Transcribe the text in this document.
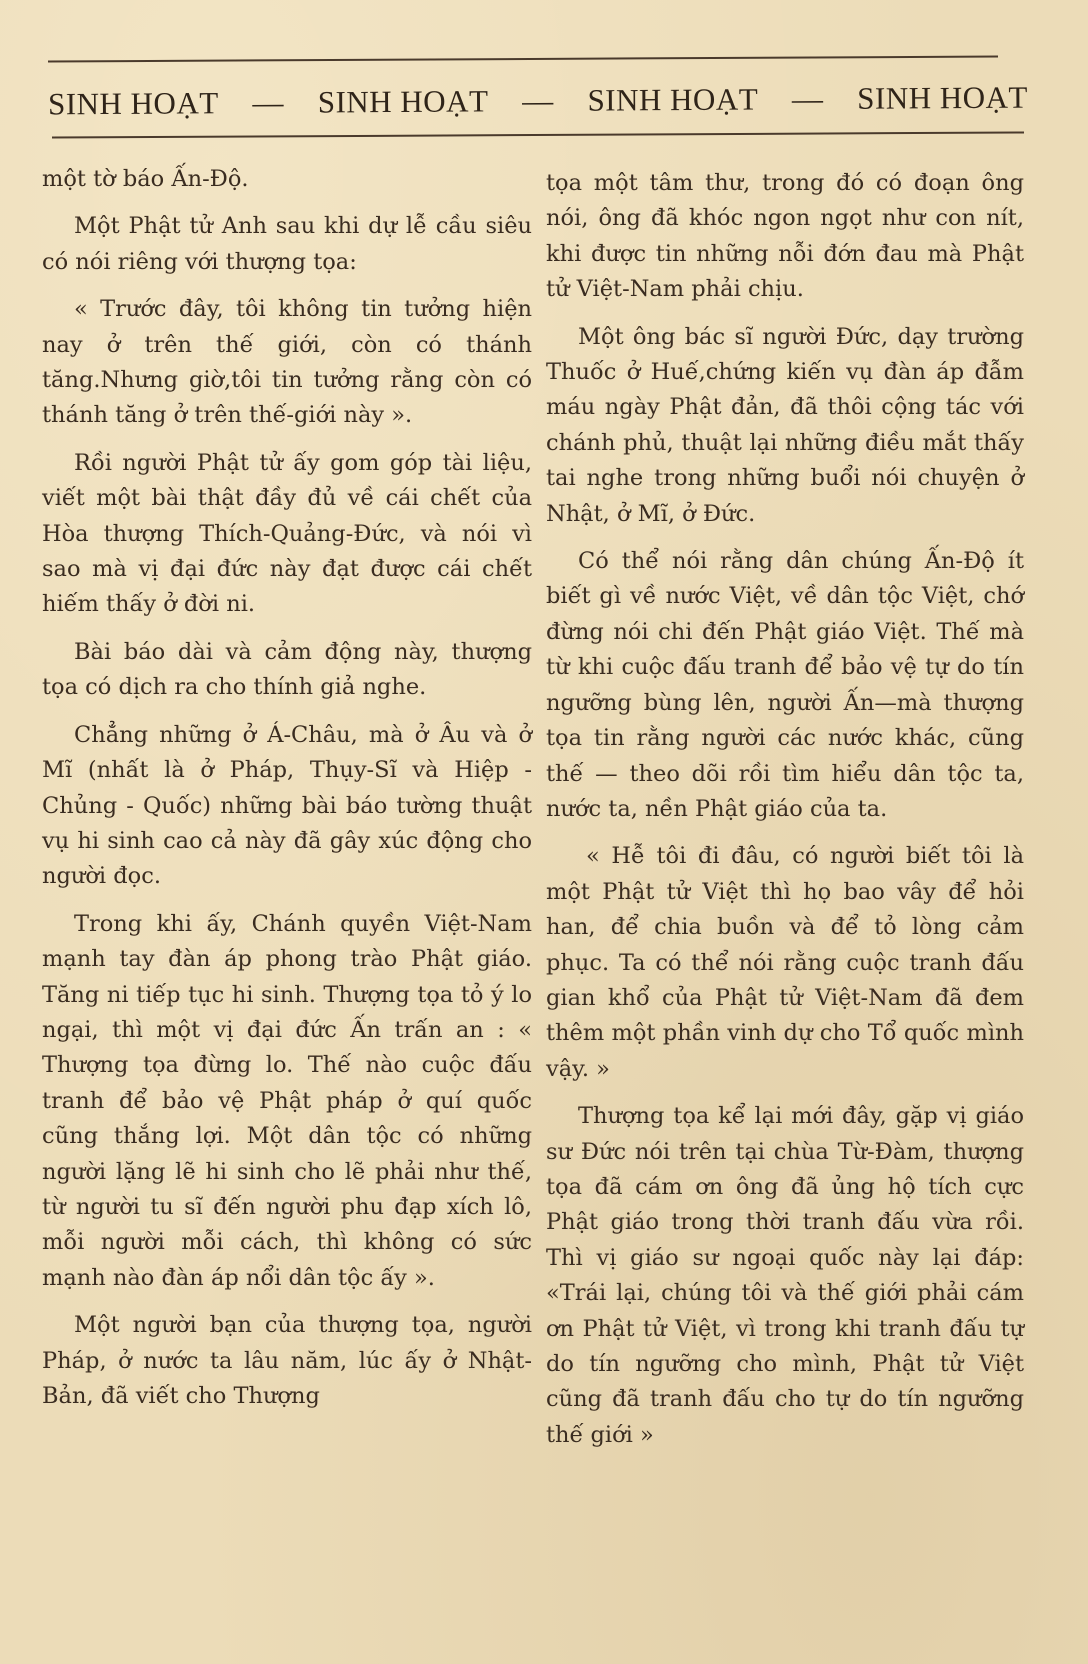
SINH HOẠT — SINH HOẠT — SINH HOẠT — SINH HOẠT

một tờ báo Ấn-Độ.

Một Phật tử Anh sau khi dự lễ cầu siêu có nói riêng với thượng tọa:

« Trước đây, tôi không tin tưởng hiện nay ở trên thế giới, còn có thánh tăng.Nhưng giờ,tôi tin tưởng rằng còn có thánh tăng ở trên thế-giới này ».

Rồi người Phật tử ấy gom góp tài liệu, viết một bài thật đầy đủ về cái chết của Hòa thượng Thích-Quảng-Đức, và nói vì sao mà vị đại đức này đạt được cái chết hiếm thấy ở đời ni.

Bài báo dài và cảm động này, thượng tọa có dịch ra cho thính giả nghe.

Chẳng những ở Á-Châu, mà ở Âu và ở Mĩ (nhất là ở Pháp, Thụy-Sĩ và Hiệp - Chủng - Quốc) những bài báo tường thuật vụ hi sinh cao cả này đã gây xúc động cho người đọc.

Trong khi ấy, Chánh quyền Việt-Nam mạnh tay đàn áp phong trào Phật giáo. Tăng ni tiếp tục hi sinh. Thượng tọa tỏ ý lo ngại, thì một vị đại đức Ấn trấn an : « Thượng tọa đừng lo. Thế nào cuộc đấu tranh để bảo vệ Phật pháp ở quí quốc cũng thắng lợi. Một dân tộc có những người lặng lẽ hi sinh cho lẽ phải như thế, từ người tu sĩ đến người phu đạp xích lô, mỗi người mỗi cách, thì không có sức mạnh nào đàn áp nổi dân tộc ấy ».

Một người bạn của thượng tọa, người Pháp, ở nước ta lâu năm, lúc ấy ở Nhật-Bản, đã viết cho Thượng

tọa một tâm thư, trong đó có đoạn ông nói, ông đã khóc ngon ngọt như con nít, khi được tin những nỗi đớn đau mà Phật tử Việt-Nam phải chịu.

Một ông bác sĩ người Đức, dạy trường Thuốc ở Huế,chứng kiến vụ đàn áp đẫm máu ngày Phật đản, đã thôi cộng tác với chánh phủ, thuật lại những điều mắt thấy tai nghe trong những buổi nói chuyện ở Nhật, ở Mĩ, ở Đức.

Có thể nói rằng dân chúng Ấn-Độ ít biết gì về nước Việt, về dân tộc Việt, chớ đừng nói chi đến Phật giáo Việt. Thế mà từ khi cuộc đấu tranh để bảo vệ tự do tín ngưỡng bùng lên, người Ấn—mà thượng tọa tin rằng người các nước khác, cũng thế — theo dõi rồi tìm hiểu dân tộc ta, nước ta, nền Phật giáo của ta.

« Hễ tôi đi đâu, có người biết tôi là một Phật tử Việt thì họ bao vây để hỏi han, để chia buồn và để tỏ lòng cảm phục. Ta có thể nói rằng cuộc tranh đấu gian khổ của Phật tử Việt-Nam đã đem thêm một phần vinh dự cho Tổ quốc mình vậy. »

Thượng tọa kể lại mới đây, gặp vị giáo sư Đức nói trên tại chùa Từ-Đàm, thượng tọa đã cám ơn ông đã ủng hộ tích cực Phật giáo trong thời tranh đấu vừa rồi. Thì vị giáo sư ngoại quốc này lại đáp: «Trái lại, chúng tôi và thế giới phải cám ơn Phật tử Việt, vì trong khi tranh đấu tự do tín ngưỡng cho mình, Phật tử Việt cũng đã tranh đấu cho tự do tín ngưỡng thế giới »
